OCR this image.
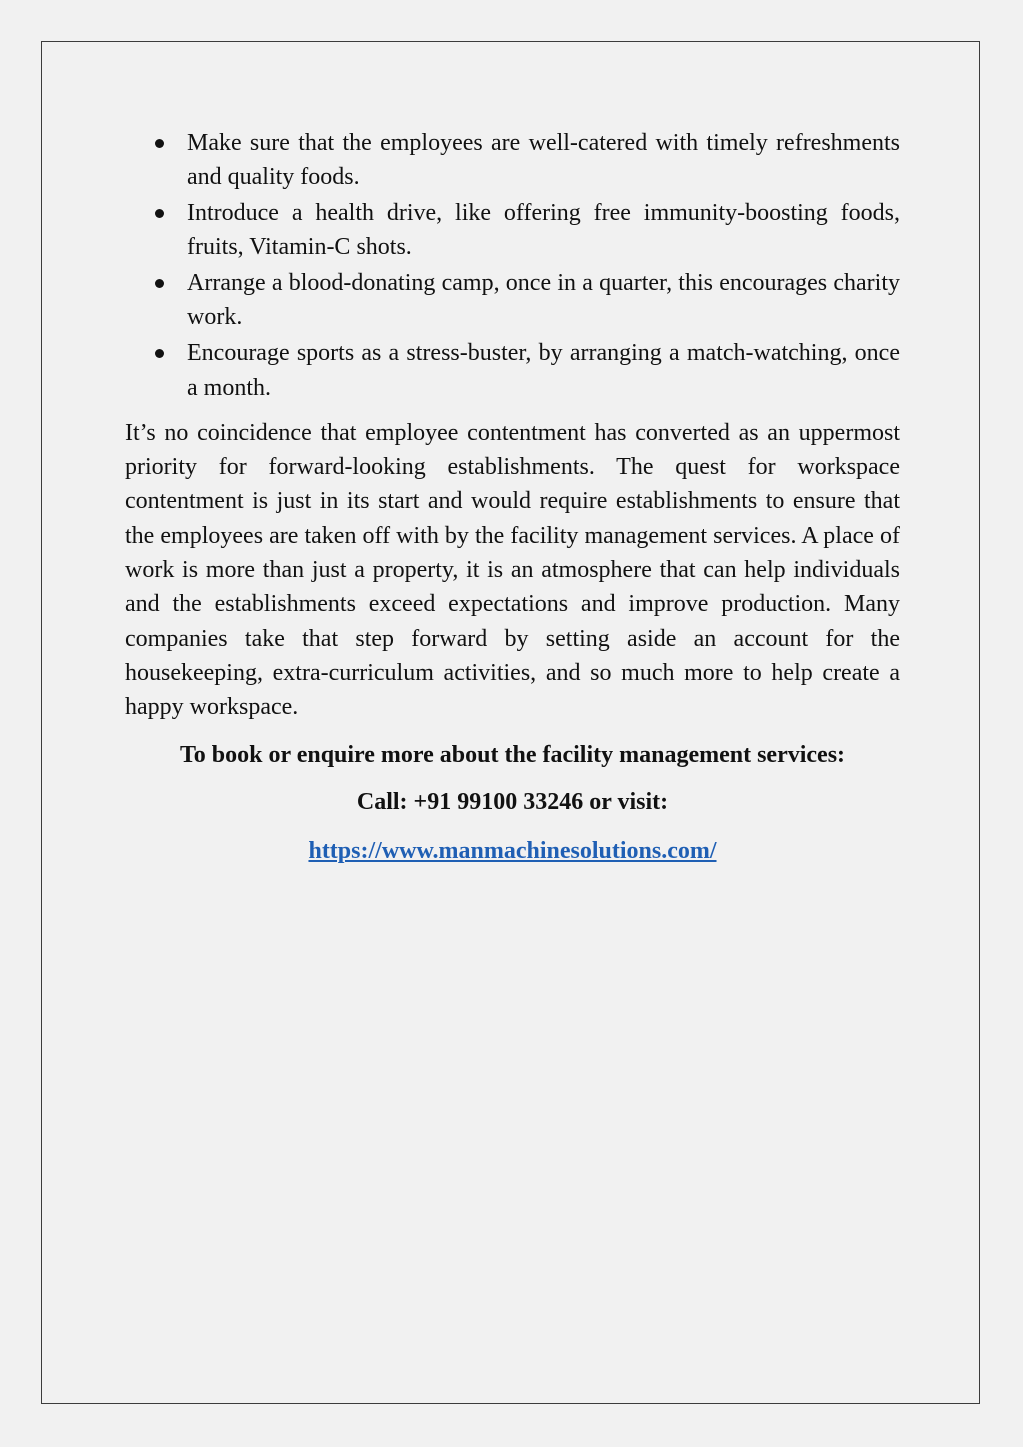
Make sure that the employees are well-catered with timely refreshments and quality foods.
Introduce a health drive, like offering free immunity-boosting foods, fruits, Vitamin-C shots.
Arrange a blood-donating camp, once in a quarter, this encourages charity work.
Encourage sports as a stress-buster, by arranging a match-watching, once a month.

It’s no coincidence that employee contentment has converted as an uppermost priority for forward-looking establishments. The quest for workspace contentment is just in its start and would require establishments to ensure that the employees are taken off with by the facility management services. A place of work is more than just a property, it is an atmosphere that can help individuals and the establishments exceed expectations and improve production. Many companies take that step forward by setting aside an account for the housekeeping, extra-curriculum activities, and so much more to help create a happy workspace.

To book or enquire more about the facility management services:
Call: +91 99100 33246 or visit:
https://www.manmachinesolutions.com/
